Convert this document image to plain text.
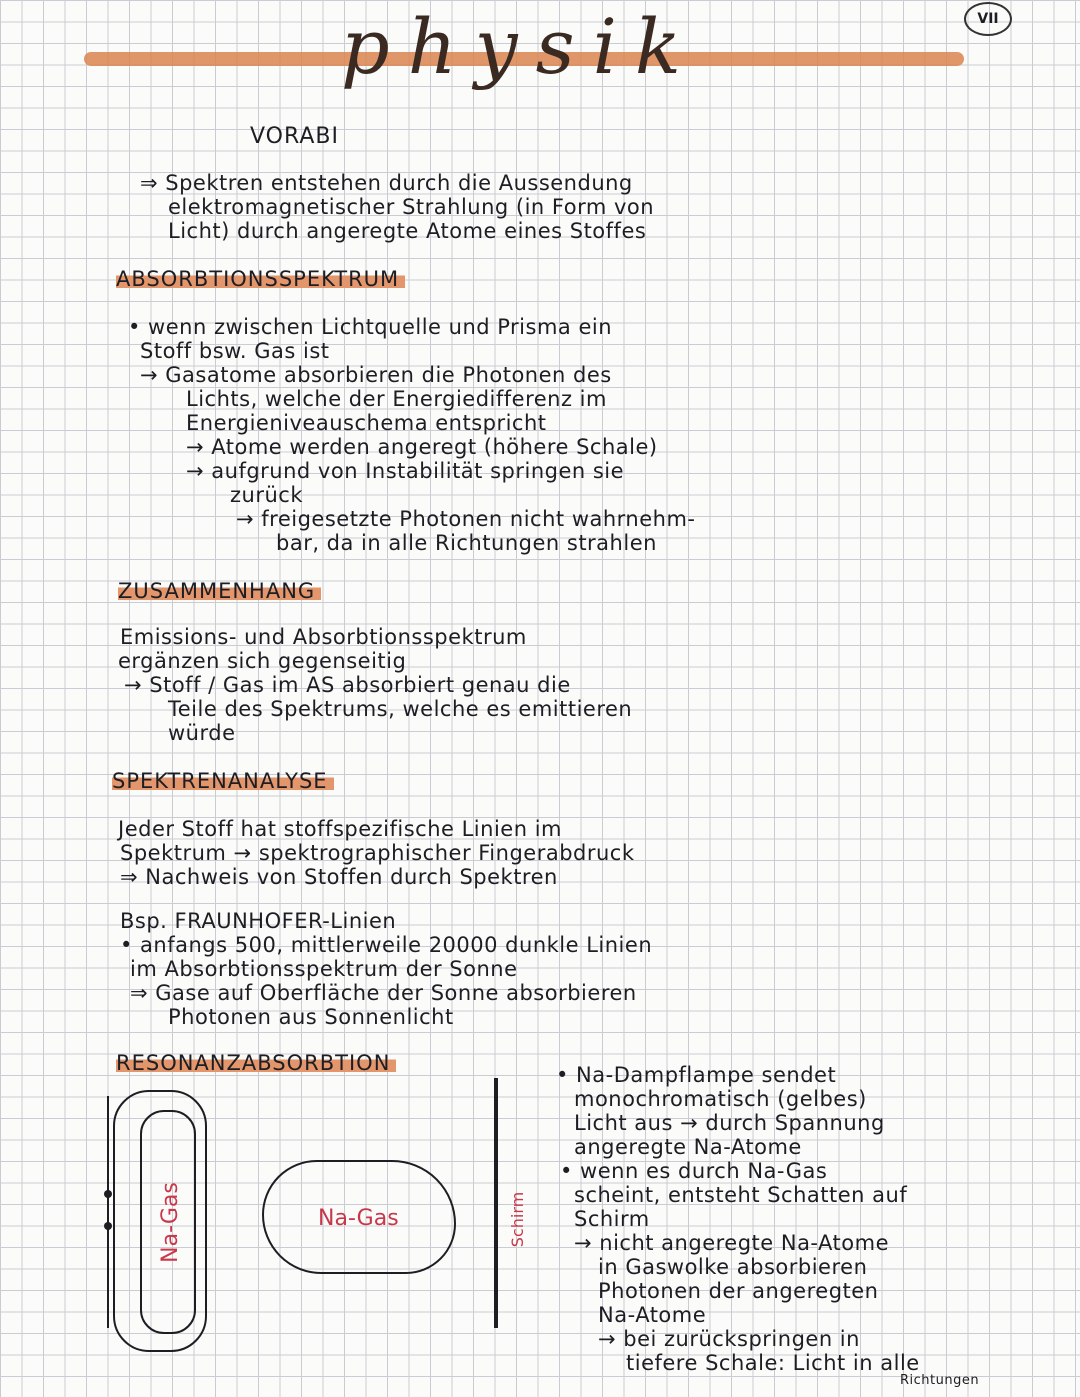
physik	VII
VORABI
⇒ Spektren entstehen durch die Aussendung
elektromagnetischer Strahlung (in Form von
Licht) durch angeregte Atome eines Stoffes
ABSORBTIONSSPEKTRUM
• wenn zwischen Lichtquelle und Prisma ein
Stoff bsw. Gas ist
→ Gasatome absorbieren die Photonen des
Lichts, welche der Energiedifferenz im
Energieniveauschema entspricht
→ Atome werden angeregt (höhere Schale)
→ aufgrund von Instabilität springen sie
zurück
→ freigesetzte Photonen nicht wahrnehm-
bar, da in alle Richtungen strahlen
ZUSAMMENHANG
Emissions- und Absorbtionsspektrum
ergänzen sich gegenseitig
→ Stoff / Gas im AS absorbiert genau die
Teile des Spektrums, welche es emittieren
würde
SPEKTRENANALYSE
Jeder Stoff hat stoffspezifische Linien im
Spektrum → spektrographischer Fingerabdruck
⇒ Nachweis von Stoffen durch Spektren
Bsp. FRAUNHOFER-Linien
• anfangs 500, mittlerweile 20000 dunkle Linien
im Absorbtionsspektrum der Sonne
⇒ Gase auf Oberfläche der Sonne absorbieren
Photonen aus Sonnenlicht
RESONANZABSORBTION
Na-Gas	Na-Gas	Schirm
• Na-Dampflampe sendet
monochromatisch (gelbes)
Licht aus → durch Spannung
angeregte Na-Atome
• wenn es durch Na-Gas
scheint, entsteht Schatten auf
Schirm
→ nicht angeregte Na-Atome
in Gaswolke absorbieren
Photonen der angeregten
Na-Atome
→ bei zurückspringen in
tiefere Schale: Licht in alle
Richtungen
